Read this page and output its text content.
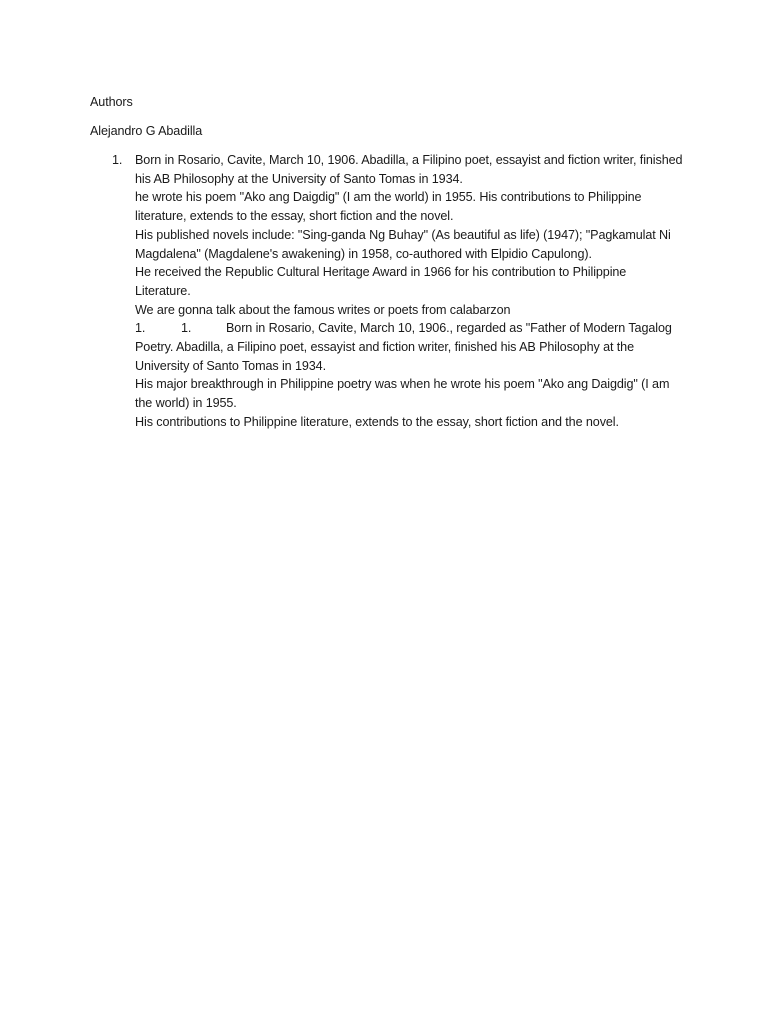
Authors

Alejandro G Abadilla

1.	Born in Rosario, Cavite, March 10, 1906. Abadilla, a Filipino poet, essayist and fiction writer, finished his AB Philosophy at the University of Santo Tomas in 1934.

he wrote his poem "Ako ang Daigdig" (I am the world) in 1955. His contributions to Philippine literature, extends to the essay, short fiction and the novel.

His published novels include: "Sing-ganda Ng Buhay" (As beautiful as life) (1947); "Pagkamulat Ni Magdalena" (Magdalene's awakening) in 1958, co-authored with Elpidio Capulong).

He received the Republic Cultural Heritage Award in 1966 for his contribution to Philippine Literature.

We are gonna talk about the famous writes or poets from calabarzon

1.	1.	Born in Rosario, Cavite, March 10, 1906., regarded as "Father of Modern Tagalog Poetry. Abadilla, a Filipino poet, essayist and fiction writer, finished his AB Philosophy at the University of Santo Tomas in 1934.

His major breakthrough in Philippine poetry was when he wrote his poem "Ako ang Daigdig" (I am the world) in 1955.

His contributions to Philippine literature, extends to the essay, short fiction and the novel.
